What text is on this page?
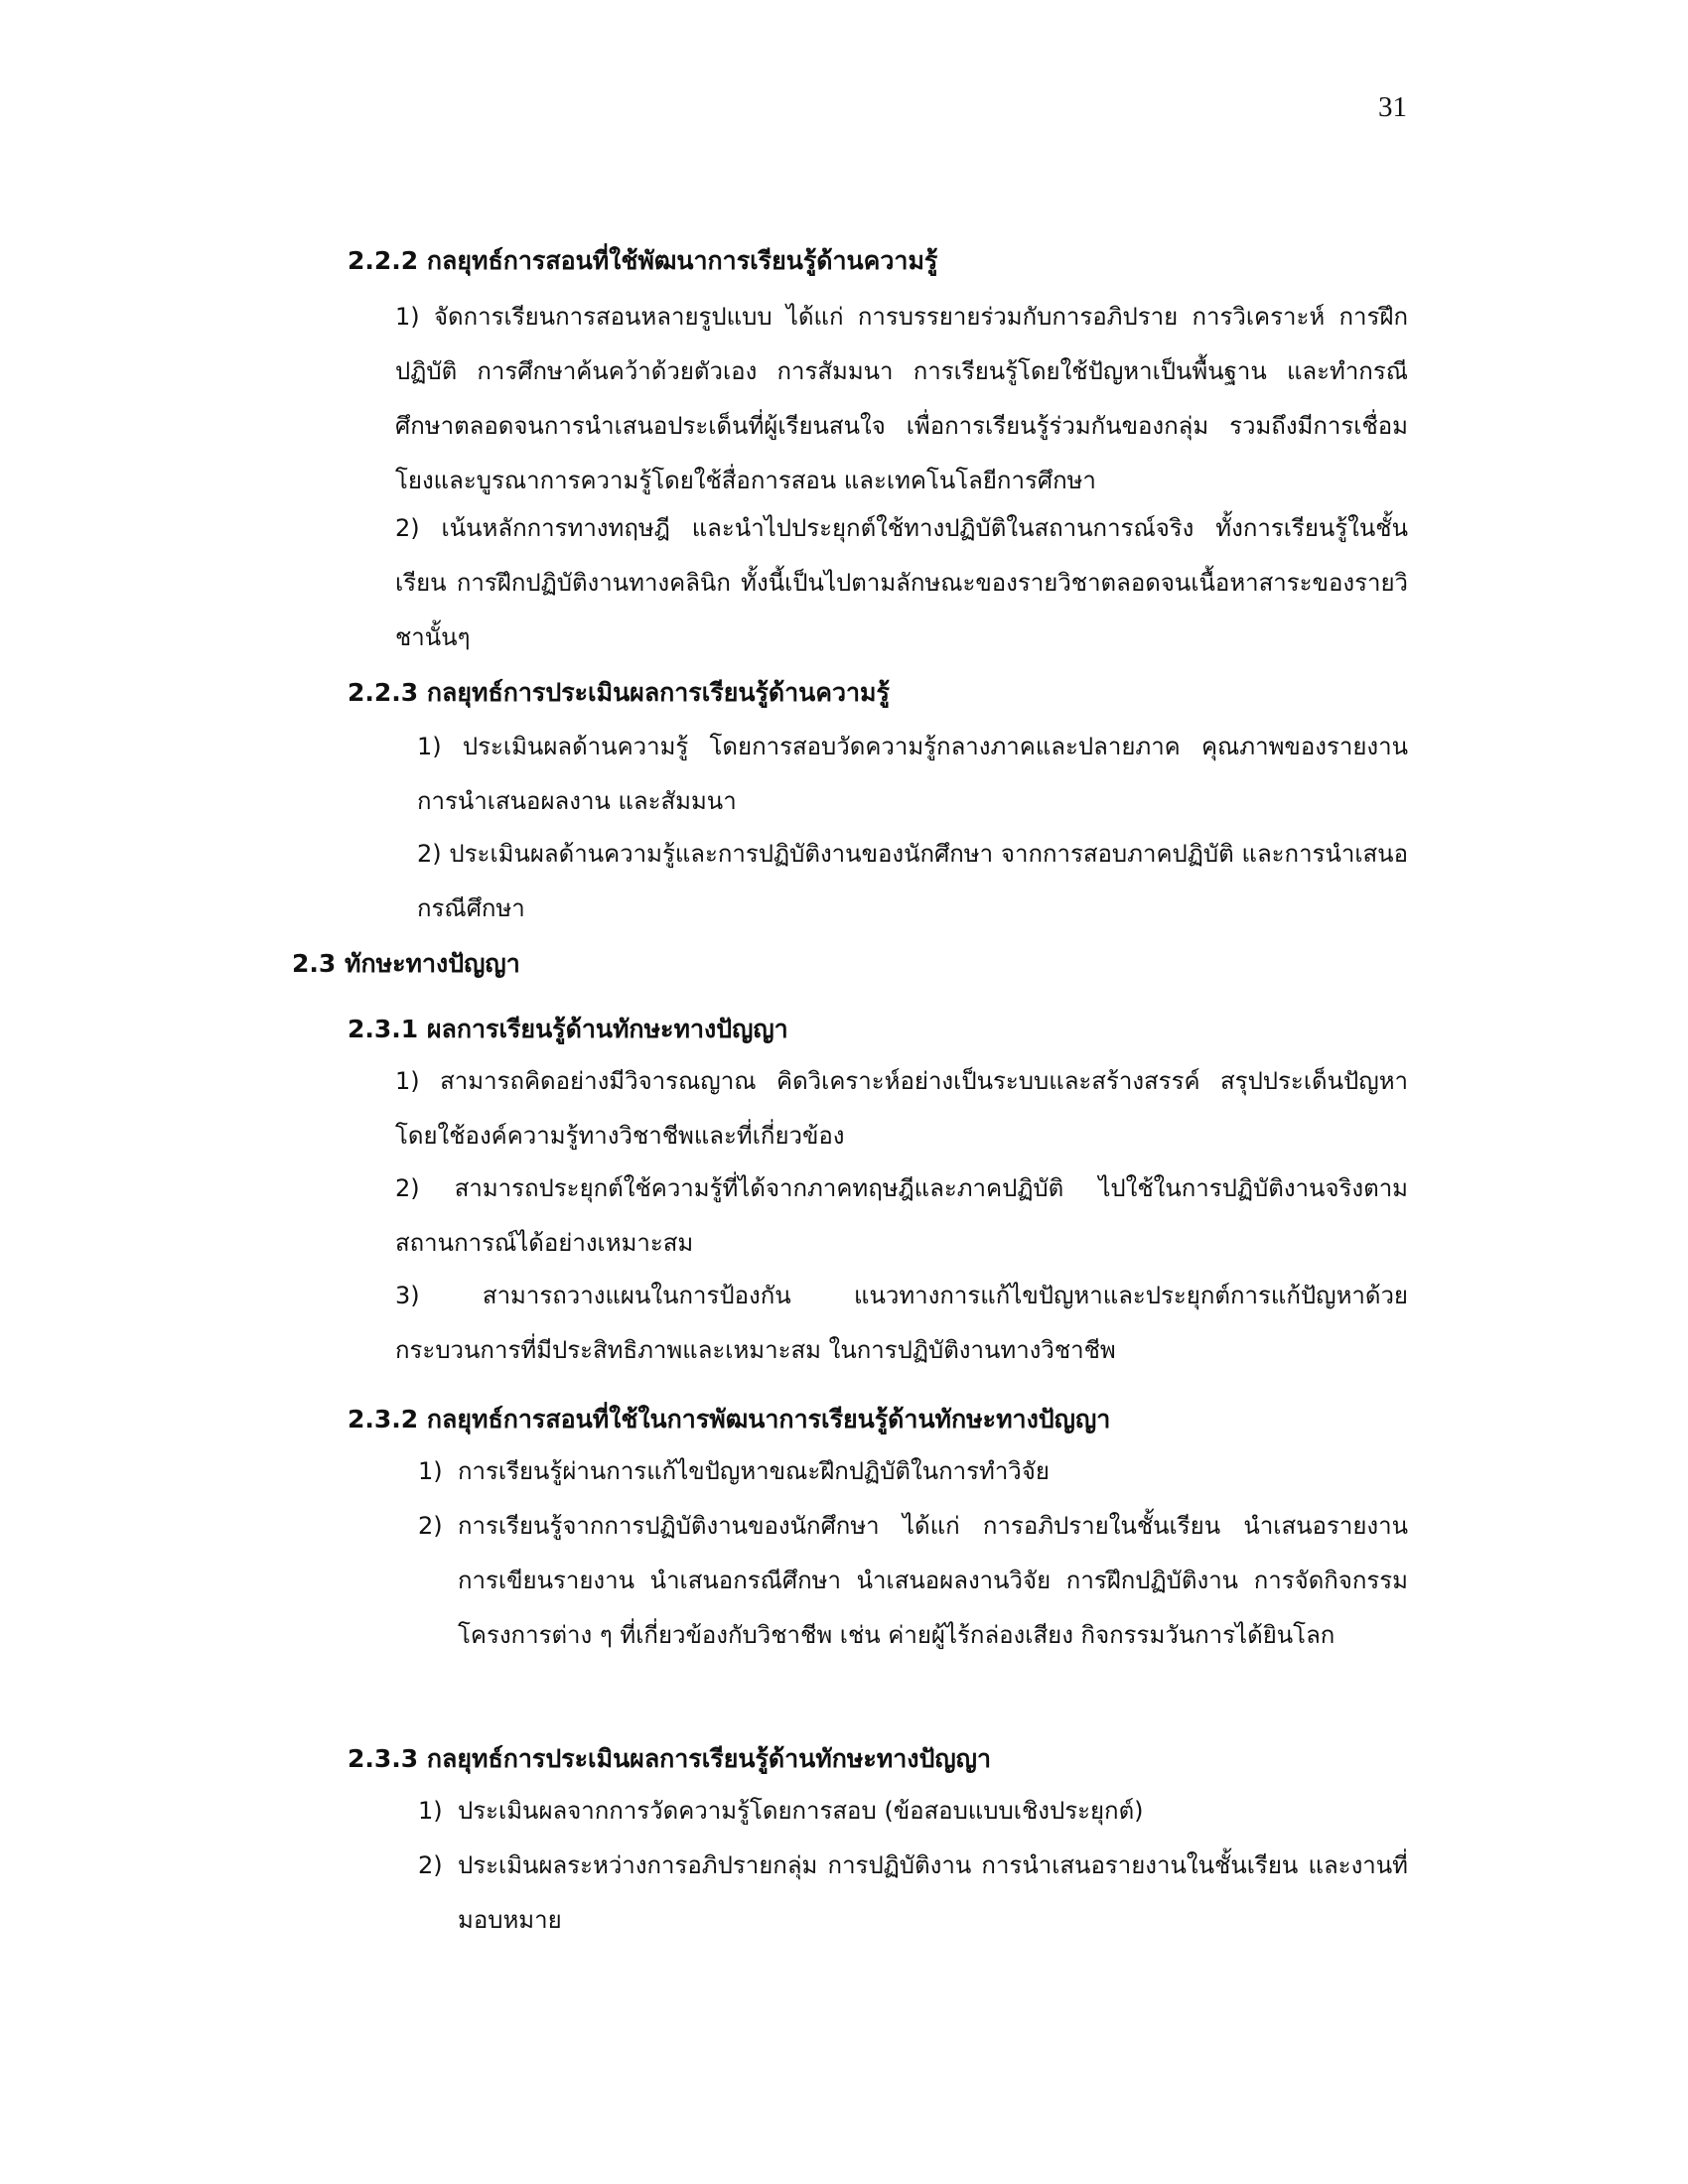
31
2.2.2 กลยุทธ์การสอนที่ใช้พัฒนาการเรียนรู้ด้านความรู้

1) จัดการเรียนการสอนหลายรูปแบบ ได้แก่ การบรรยายร่วมกับการอภิปราย การวิเคราะห์ การฝึกปฏิบัติ การศึกษาค้นคว้าด้วยตัวเอง การสัมมนา การเรียนรู้โดยใช้ปัญหาเป็นพื้นฐาน และทำกรณีศึกษาตลอดจนการนำเสนอประเด็นที่ผู้เรียนสนใจ เพื่อการเรียนรู้ร่วมกันของกลุ่ม รวมถึงมีการเชื่อมโยงและบูรณาการความรู้โดยใช้สื่อการสอน และเทคโนโลยีการศึกษา

2) เน้นหลักการทางทฤษฎี และนำไปประยุกต์ใช้ทางปฏิบัติในสถานการณ์จริง ทั้งการเรียนรู้ในชั้นเรียน การฝึกปฏิบัติงานทางคลินิก ทั้งนี้เป็นไปตามลักษณะของรายวิชาตลอดจนเนื้อหาสาระของรายวิชานั้นๆ

2.2.3 กลยุทธ์การประเมินผลการเรียนรู้ด้านความรู้

1) ประเมินผลด้านความรู้ โดยการสอบวัดความรู้กลางภาคและปลายภาค คุณภาพของรายงาน การนำเสนอผลงาน และสัมมนา

2) ประเมินผลด้านความรู้และการปฏิบัติงานของนักศึกษา จากการสอบภาคปฏิบัติ และการนำเสนอกรณีศึกษา

2.3 ทักษะทางปัญญา
2.3.1 ผลการเรียนรู้ด้านทักษะทางปัญญา

1) สามารถคิดอย่างมีวิจารณญาณ คิดวิเคราะห์อย่างเป็นระบบและสร้างสรรค์ สรุปประเด็นปัญหา โดยใช้องค์ความรู้ทางวิชาชีพและที่เกี่ยวข้อง

2) สามารถประยุกต์ใช้ความรู้ที่ได้จากภาคทฤษฎีและภาคปฏิบัติ ไปใช้ในการปฏิบัติงานจริงตามสถานการณ์ได้อย่างเหมาะสม

3) สามารถวางแผนในการป้องกัน แนวทางการแก้ไขปัญหาและประยุกต์การแก้ปัญหาด้วยกระบวนการที่มีประสิทธิภาพและเหมาะสม ในการปฏิบัติงานทางวิชาชีพ

2.3.2 กลยุทธ์การสอนที่ใช้ในการพัฒนาการเรียนรู้ด้านทักษะทางปัญญา
1) การเรียนรู้ผ่านการแก้ไขปัญหาขณะฝึกปฏิบัติในการทำวิจัย
2) การเรียนรู้จากการปฏิบัติงานของนักศึกษา ได้แก่ การอภิปรายในชั้นเรียน นำเสนอรายงาน การเขียนรายงาน นำเสนอกรณีศึกษา นำเสนอผลงานวิจัย การฝึกปฏิบัติงาน การจัดกิจกรรมโครงการต่าง ๆ ที่เกี่ยวข้องกับวิชาชีพ เช่น ค่ายผู้ไร้กล่องเสียง กิจกรรมวันการได้ยินโลก
2.3.3 กลยุทธ์การประเมินผลการเรียนรู้ด้านทักษะทางปัญญา
1) ประเมินผลจากการวัดความรู้โดยการสอบ (ข้อสอบแบบเชิงประยุกต์)
2) ประเมินผลระหว่างการอภิปรายกลุ่ม การปฏิบัติงาน การนำเสนอรายงานในชั้นเรียน และงานที่มอบหมาย
